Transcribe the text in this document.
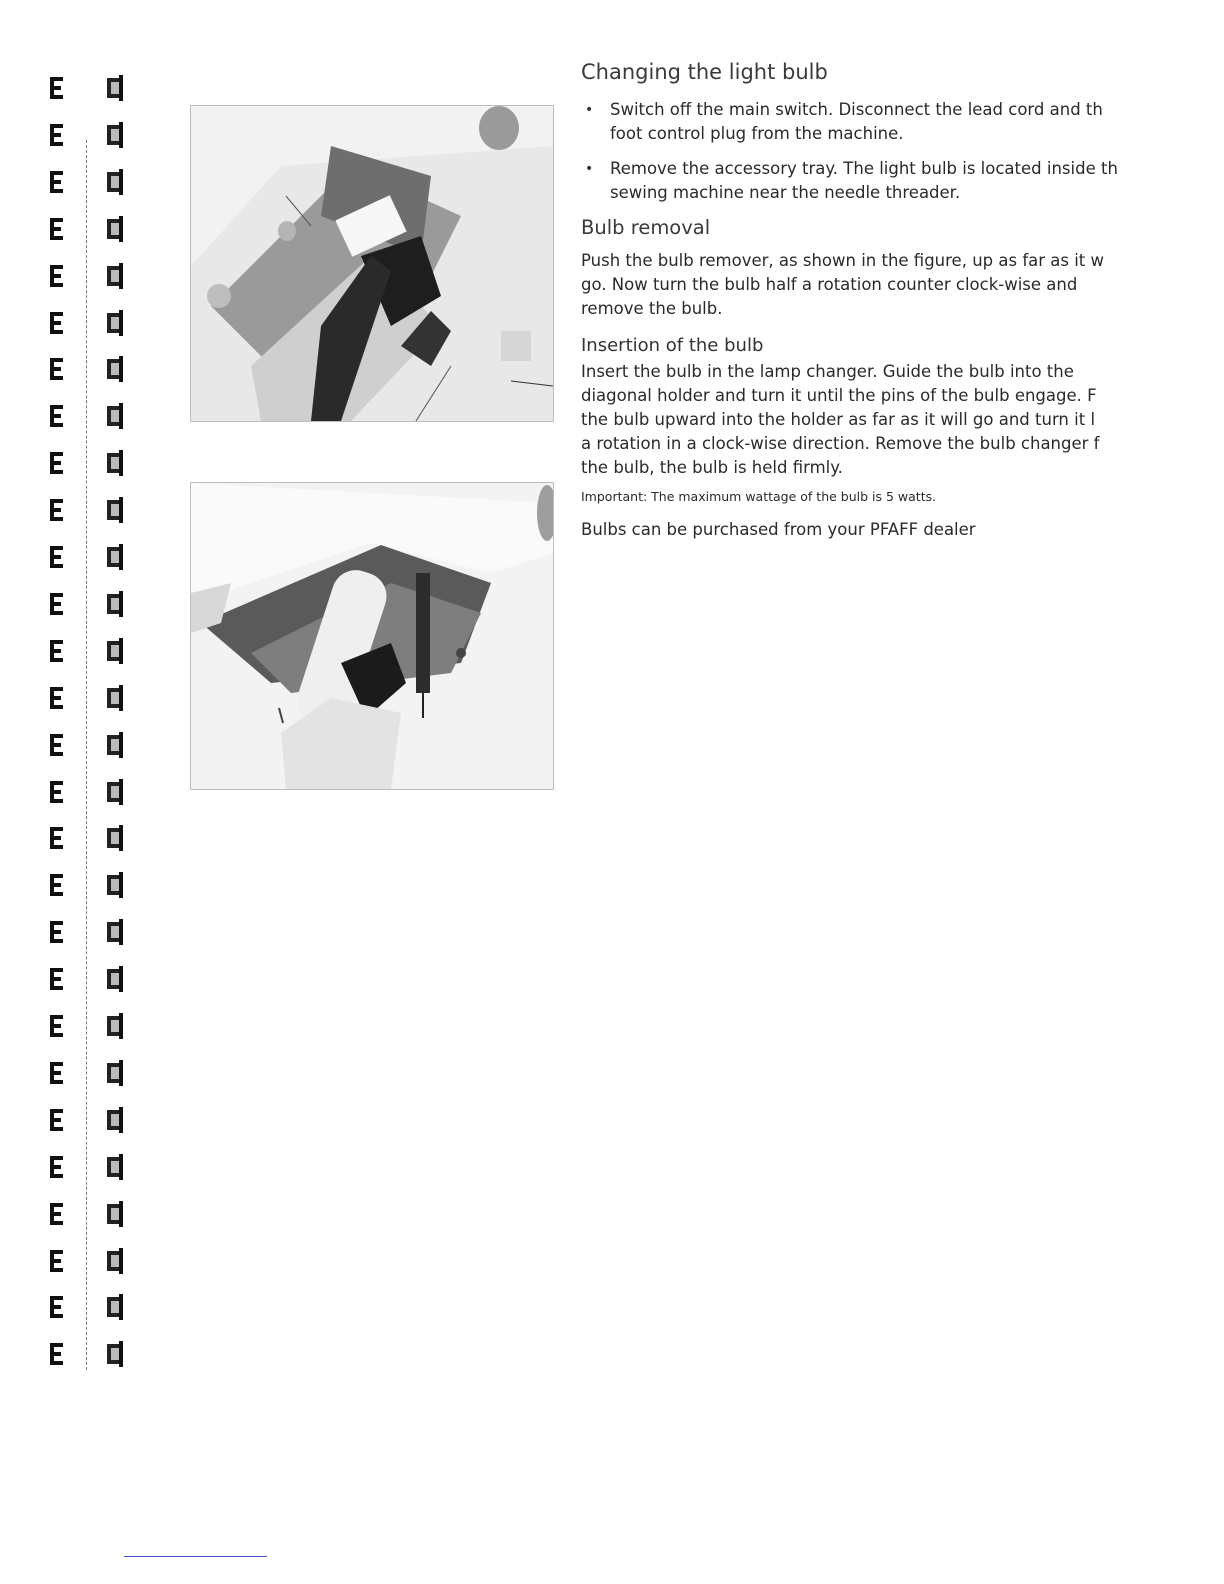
Changing the light bulb
• Switch off the main switch. Disconnect the lead cord and th
foot control plug from the machine.
• Remove the accessory tray. The light bulb is located inside th
sewing machine near the needle threader.
Bulb removal

Push the bulb remover, as shown in the figure, up as far as it w
go. Now turn the bulb half a rotation counter clock-wise and
remove the bulb.

Insertion of the bulb

Insert the bulb in the lamp changer. Guide the bulb into the
diagonal holder and turn it until the pins of the bulb engage. F
the bulb upward into the holder as far as it will go and turn it l
a rotation in a clock-wise direction. Remove the bulb changer f
the bulb, the bulb is held firmly.

Important: The maximum wattage of the bulb is 5 watts.

Bulbs can be purchased from your PFAFF dealer
